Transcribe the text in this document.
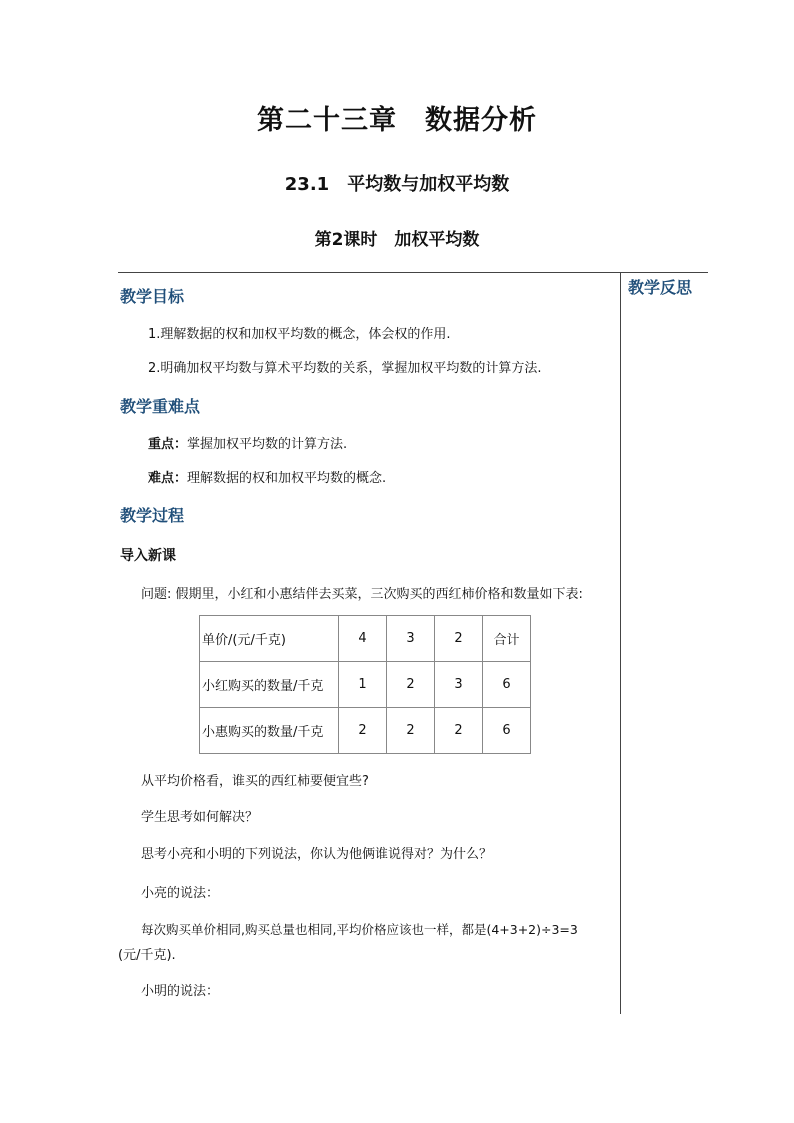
第二十三章　数据分析
23.1　平均数与加权平均数
第2课时　加权平均数
教学反思
教学目标
1.理解数据的权和加权平均数的概念，体会权的作用.
2.明确加权平均数与算术平均数的关系，掌握加权平均数的计算方法.
教学重难点
重点：掌握加权平均数的计算方法.
难点：理解数据的权和加权平均数的概念.
教学过程
导入新课
问题: 假期里，小红和小惠结伴去买菜，三次购买的西红柿价格和数量如下表:
单价/(元/千克)	4	3	2	合计
小红购买的数量/千克	1	2	3	6
小惠购买的数量/千克	2	2	2	6
从平均价格看，谁买的西红柿要便宜些?
学生思考如何解决？
思考小亮和小明的下列说法，你认为他俩谁说得对？为什么？
小亮的说法：
每次购买单价相同,购买总量也相同,平均价格应该也一样，都是(4+3+2)÷3=3
(元/千克).
小明的说法：
